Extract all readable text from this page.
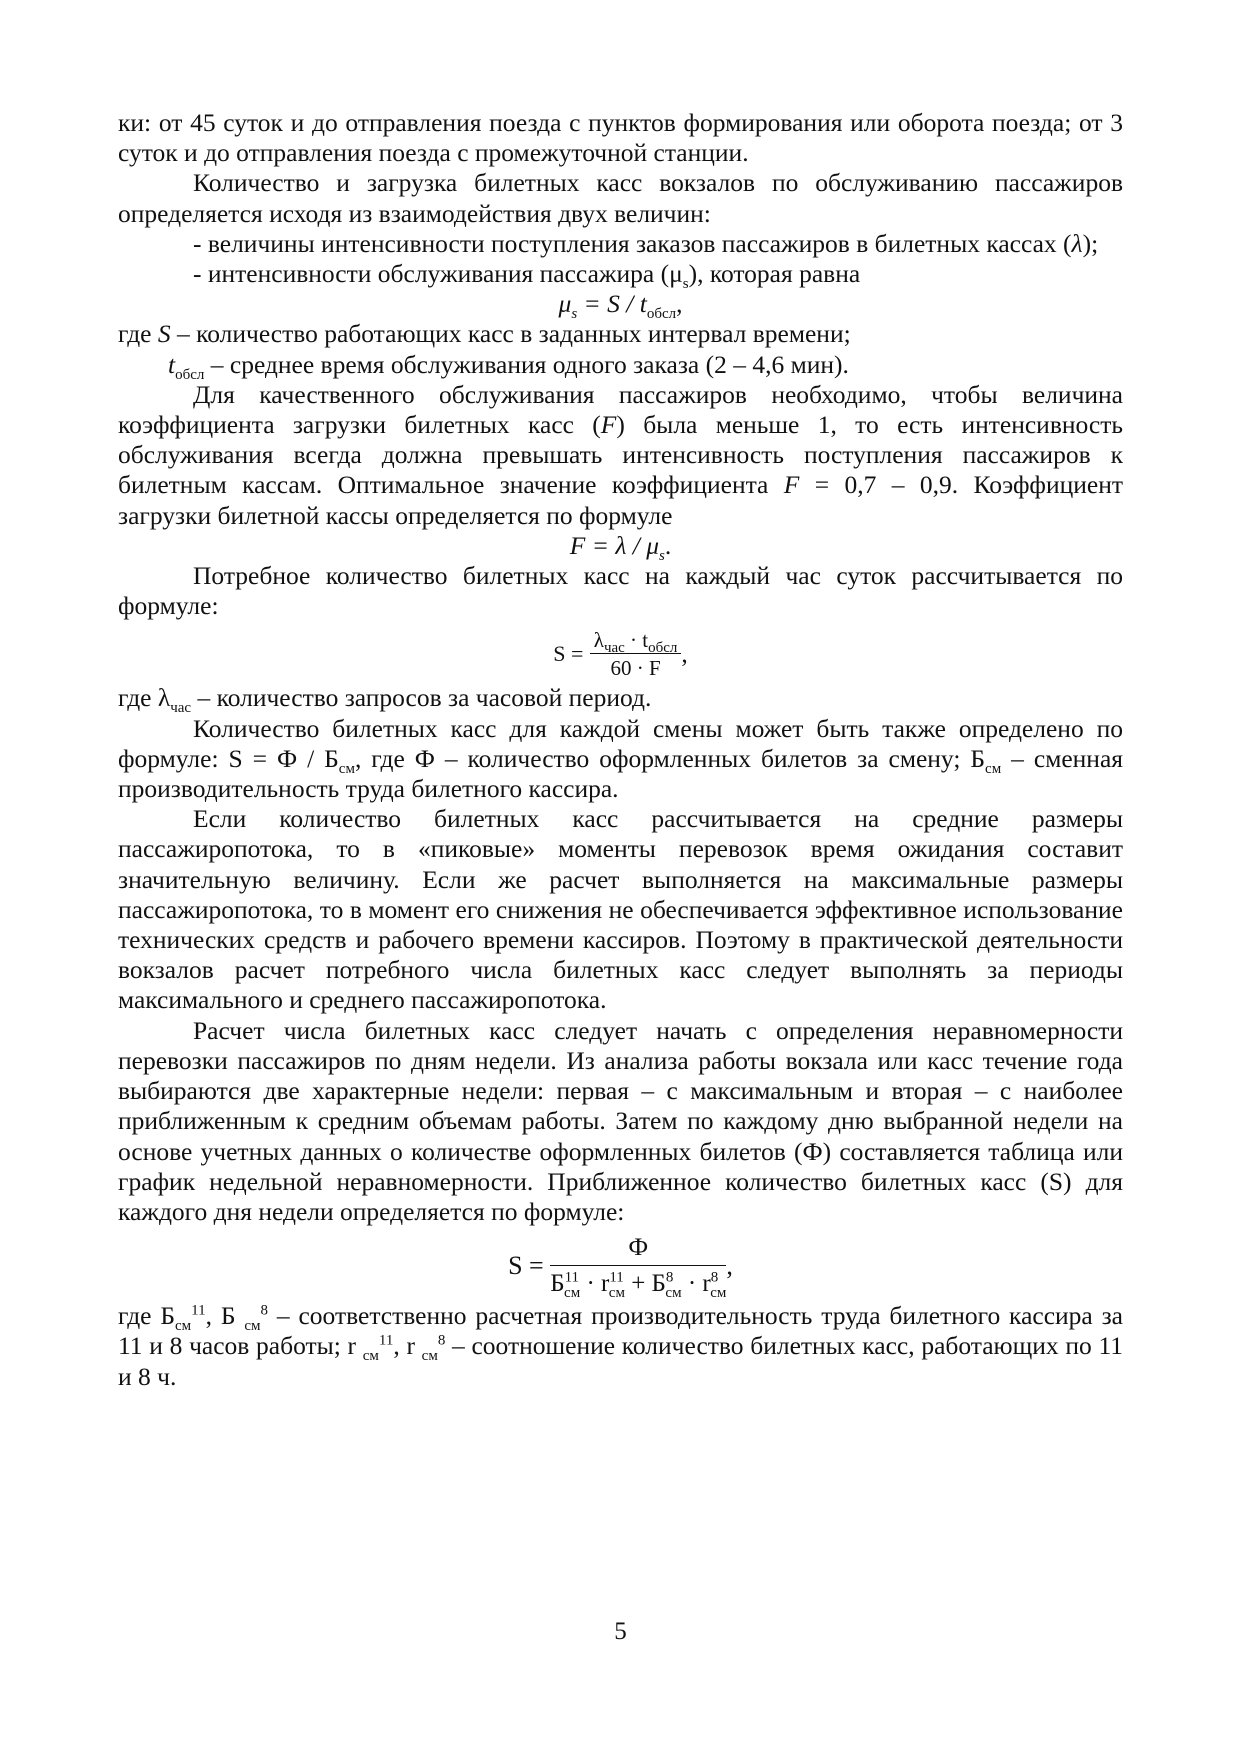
ки: от 45 суток и до отправления поезда с пунктов формирования или оборота поезда; от 3 суток и до отправления поезда с промежуточной станции.

Количество и загрузка билетных касс вокзалов по обслуживанию пассажиров определяется исходя из взаимодействия двух величин:

- величины интенсивности поступления заказов пассажиров в билетных кассах (λ);

- интенсивности обслуживания пассажира $(\mu_s)$, которая равна

$\mu_s = S / t_{обсл}$,

где S – количество работающих касс в заданных интервал времени;

$t_{обсл}$ – среднее время обслуживания одного заказа (2 – 4,6 мин).

Для качественного обслуживания пассажиров необходимо, чтобы величина коэффициента загрузки билетных касс (F) была меньше 1, то есть интенсивность обслуживания всегда должна превышать интенсивность поступления пассажиров к билетным кассам. Оптимальное значение коэффициента F = 0,7 – 0,9. Коэффициент загрузки билетной кассы определяется по формуле

$F = \lambda / \mu_s$.

Потребное количество билетных касс на каждый час суток рассчитывается по формуле:

$S = \frac{\lambda_{час} \cdot t_{обсл}}{60 \cdot F}$ ,

где $\lambda_{час}$ – количество запросов за часовой период.

Количество билетных касс для каждой смены может быть также определено по формуле: $S = Ф / Б_{см}$, где Ф – количество оформленных билетов за смену; $Б_{см}$ – сменная производительность труда билетного кассира.

Если количество билетных касс рассчитывается на средние размеры пассажиропотока, то в «пиковые» моменты перевозок время ожидания составит значительную величину. Если же расчет выполняется на максимальные размеры пассажиропотока, то в момент его снижения не обеспечивается эффективное использование технических средств и рабочего времени кассиров. Поэтому в практической деятельности вокзалов расчет потребного числа билетных касс следует выполнять за периоды максимального и среднего пассажиропотока.

Расчет числа билетных касс следует начать с определения неравномерности перевозки пассажиров по дням недели. Из анализа работы вокзала или касс течение года выбираются две характерные недели: первая – с максимальным и вторая – с наиболее приближенным к средним объемам работы. Затем по каждому дню выбранной недели на основе учетных данных о количестве оформленных билетов (Ф) составляется таблица или график недельной неравномерности. Приближенное количество билетных касс (S) для каждого дня недели определяется по формуле:

$S = \frac{Ф}{Б^{11}_{см} \cdot r^{11}_{см} + Б^8_{см} \cdot r^8_{см}}$ ,

где $Б_{см}^{11}$, Б $_{см}^8$ – соответственно расчетная производительность труда билетного кассира за 11 и 8 часов работы; r $_{см}^{11}$, r $_{см}^8$ – соотношение количество билетных касс, работающих по 11 и 8 ч.

5
